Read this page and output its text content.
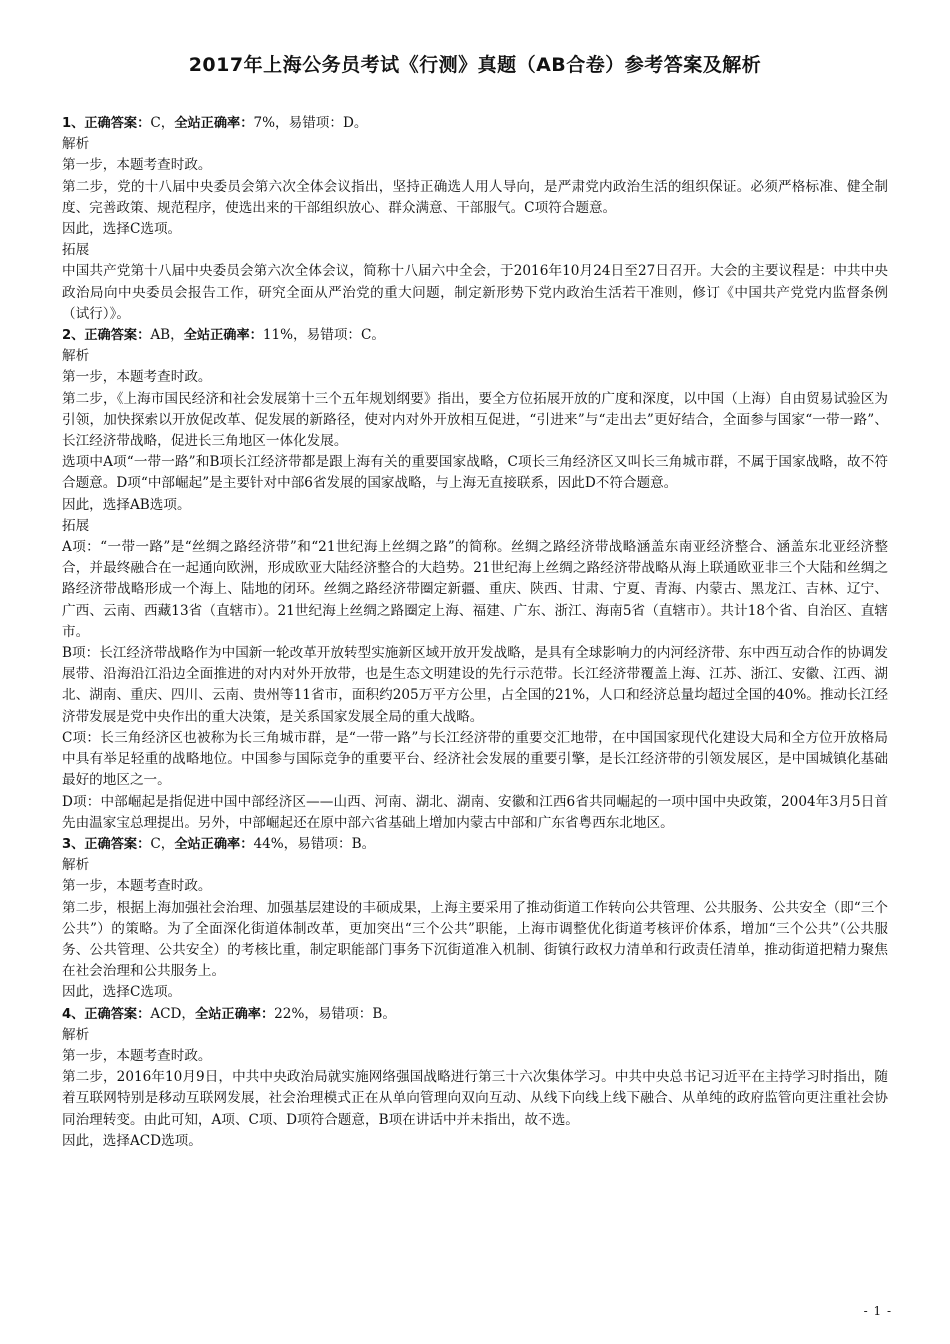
2017年上海公务员考试《行测》真题（AB合卷）参考答案及解析

1、正确答案：C，全站正确率：7%，易错项：D。

解析

第一步，本题考查时政。

第二步，党的十八届中央委员会第六次全体会议指出，坚持正确选人用人导向，是严肃党内政治生活的组织保证。必须严格标准、健全制度、完善政策、规范程序，使选出来的干部组织放心、群众满意、干部服气。C项符合题意。

因此，选择C选项。

拓展

中国共产党第十八届中央委员会第六次全体会议，简称十八届六中全会，于2016年10月24日至27日召开。大会的主要议程是：中共中央政治局向中央委员会报告工作，研究全面从严治党的重大问题，制定新形势下党内政治生活若干准则，修订《中国共产党党内监督条例（试行）》。

2、正确答案：AB，全站正确率：11%，易错项：C。

解析

第一步，本题考查时政。

第二步，《上海市国民经济和社会发展第十三个五年规划纲要》指出，要全方位拓展开放的广度和深度，以中国（上海）自由贸易试验区为引领，加快探索以开放促改革、促发展的新路径，使对内对外开放相互促进，“引进来”与“走出去”更好结合，全面参与国家“一带一路”、长江经济带战略，促进长三角地区一体化发展。

选项中A项“一带一路”和B项长江经济带都是跟上海有关的重要国家战略，C项长三角经济区又叫长三角城市群，不属于国家战略，故不符合题意。D项“中部崛起”是主要针对中部6省发展的国家战略，与上海无直接联系，因此D不符合题意。

因此，选择AB选项。

拓展

A项：“一带一路”是“丝绸之路经济带”和“21世纪海上丝绸之路”的简称。丝绸之路经济带战略涵盖东南亚经济整合、涵盖东北亚经济整合，并最终融合在一起通向欧洲，形成欧亚大陆经济整合的大趋势。21世纪海上丝绸之路经济带战略从海上联通欧亚非三个大陆和丝绸之路经济带战略形成一个海上、陆地的闭环。丝绸之路经济带圈定新疆、重庆、陕西、甘肃、宁夏、青海、内蒙古、黑龙江、吉林、辽宁、广西、云南、西藏13省（直辖市）。21世纪海上丝绸之路圈定上海、福建、广东、浙江、海南5省（直辖市）。共计18个省、自治区、直辖市。

B项：长江经济带战略作为中国新一轮改革开放转型实施新区域开放开发战略，是具有全球影响力的内河经济带、东中西互动合作的协调发展带、沿海沿江沿边全面推进的对内对外开放带，也是生态文明建设的先行示范带。长江经济带覆盖上海、江苏、浙江、安徽、江西、湖北、湖南、重庆、四川、云南、贵州等11省市，面积约205万平方公里，占全国的21%，人口和经济总量均超过全国的40%。推动长江经济带发展是党中央作出的重大决策，是关系国家发展全局的重大战略。

C项：长三角经济区也被称为长三角城市群，是“一带一路”与长江经济带的重要交汇地带，在中国国家现代化建设大局和全方位开放格局中具有举足轻重的战略地位。中国参与国际竞争的重要平台、经济社会发展的重要引擎，是长江经济带的引领发展区，是中国城镇化基础最好的地区之一。

D项：中部崛起是指促进中国中部经济区——山西、河南、湖北、湖南、安徽和江西6省共同崛起的一项中国中央政策，2004年3月5日首先由温家宝总理提出。另外，中部崛起还在原中部六省基础上增加内蒙古中部和广东省粤西东北地区。

3、正确答案：C，全站正确率：44%，易错项：B。

解析

第一步，本题考查时政。

第二步，根据上海加强社会治理、加强基层建设的丰硕成果，上海主要采用了推动街道工作转向公共管理、公共服务、公共安全（即“三个公共”）的策略。为了全面深化街道体制改革，更加突出“三个公共”职能，上海市调整优化街道考核评价体系，增加“三个公共”（公共服务、公共管理、公共安全）的考核比重，制定职能部门事务下沉街道准入机制、街镇行政权力清单和行政责任清单，推动街道把精力聚焦在社会治理和公共服务上。

因此，选择C选项。

4、正确答案：ACD，全站正确率：22%，易错项：B。

解析

第一步，本题考查时政。

第二步，2016年10月9日，中共中央政治局就实施网络强国战略进行第三十六次集体学习。中共中央总书记习近平在主持学习时指出，随着互联网特别是移动互联网发展，社会治理模式正在从单向管理向双向互动、从线下向线上线下融合、从单纯的政府监管向更注重社会协同治理转变。由此可知，A项、C项、D项符合题意，B项在讲话中并未指出，故不选。

因此，选择ACD选项。

- 1 -
